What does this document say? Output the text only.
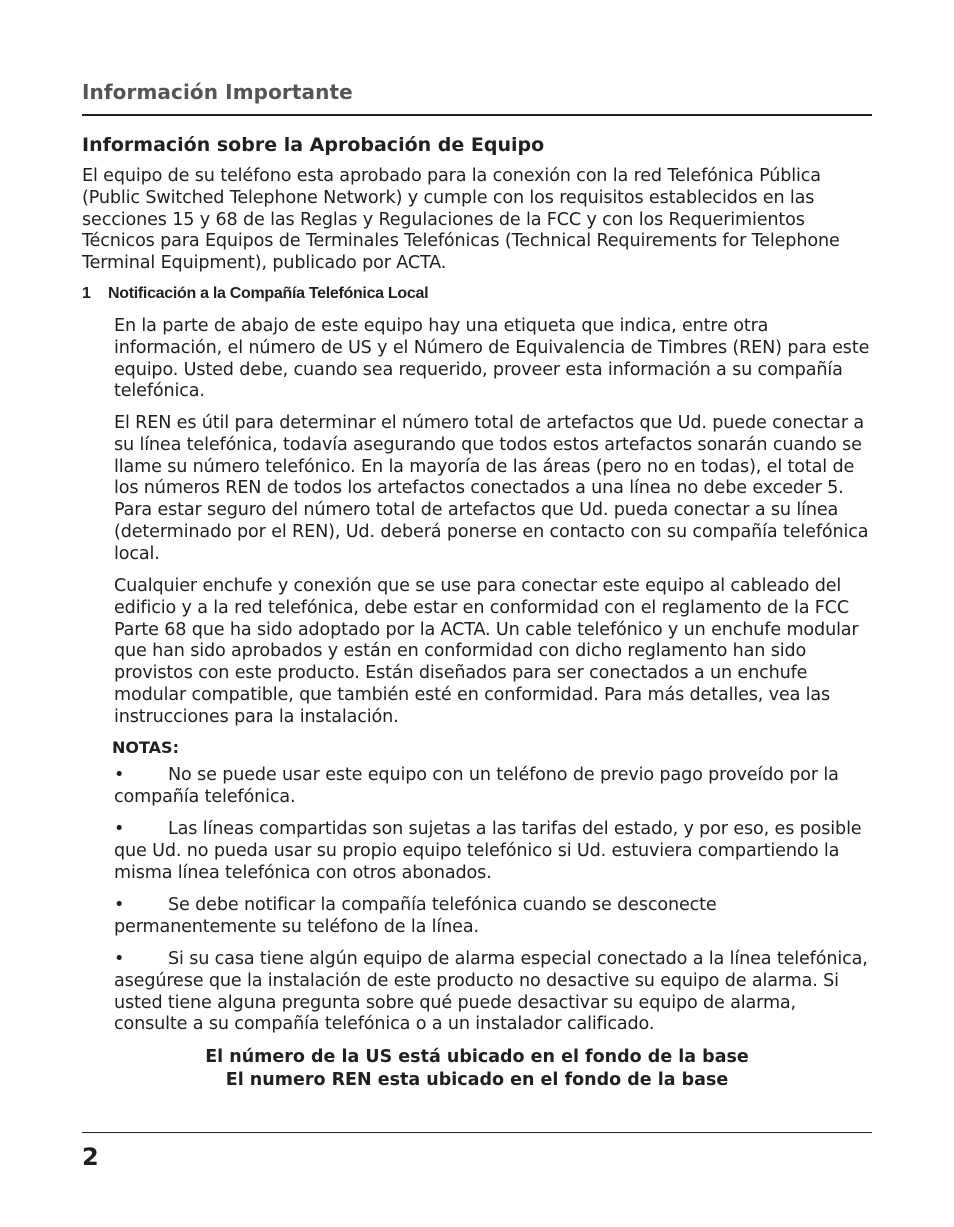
Información Importante
Información sobre la Aprobación de Equipo

El equipo de su teléfono esta aprobado para la conexión con la red Telefónica Pública (Public Switched Telephone Network) y cumple con los requisitos establecidos en las secciones 15 y 68 de las Reglas y Regulaciones de la FCC y con los Requerimientos Técnicos para Equipos de Terminales Telefónicas (Technical Requirements for Telephone Terminal Equipment), publicado por ACTA.

1 Notificación a la Compañía Telefónica Local

En la parte de abajo de este equipo hay una etiqueta que indica, entre otra información, el número de US y el Número de Equivalencia de Timbres (REN) para este equipo. Usted debe, cuando sea requerido, proveer esta información a su compañía telefónica.

El REN es útil para determinar el número total de artefactos que Ud. puede conectar a su línea telefónica, todavía asegurando que todos estos artefactos sonarán cuando se llame su número telefónico. En la mayoría de las áreas (pero no en todas), el total de los números REN de todos los artefactos conectados a una línea no debe exceder 5. Para estar seguro del número total de artefactos que Ud. pueda conectar a su línea (determinado por el REN), Ud. deberá ponerse en contacto con su compañía telefónica local.

Cualquier enchufe y conexión que se use para conectar este equipo al cableado del edificio y a la red telefónica, debe estar en conformidad con el reglamento de la FCC Parte 68 que ha sido adoptado por la ACTA. Un cable telefónico y un enchufe modular que han sido aprobados y están en conformidad con dicho reglamento han sido provistos con este producto. Están diseñados para ser conectados a un enchufe modular compatible, que también esté en conformidad. Para más detalles, vea las instrucciones para la instalación.

NOTAS:

• No se puede usar este equipo con un teléfono de previo pago proveído por la compañía telefónica.

• Las líneas compartidas son sujetas a las tarifas del estado, y por eso, es posible que Ud. no pueda usar su propio equipo telefónico si Ud. estuviera compartiendo la misma línea telefónica con otros abonados.

• Se debe notificar la compañía telefónica cuando se desconecte permanentemente su teléfono de la línea.

• Si su casa tiene algún equipo de alarma especial conectado a la línea telefónica, asegúrese que la instalación de este producto no desactive su equipo de alarma. Si usted tiene alguna pregunta sobre qué puede desactivar su equipo de alarma, consulte a su compañía telefónica o a un instalador calificado.

El número de la US está ubicado en el fondo de la base
El numero REN esta ubicado en el fondo de la base
2
